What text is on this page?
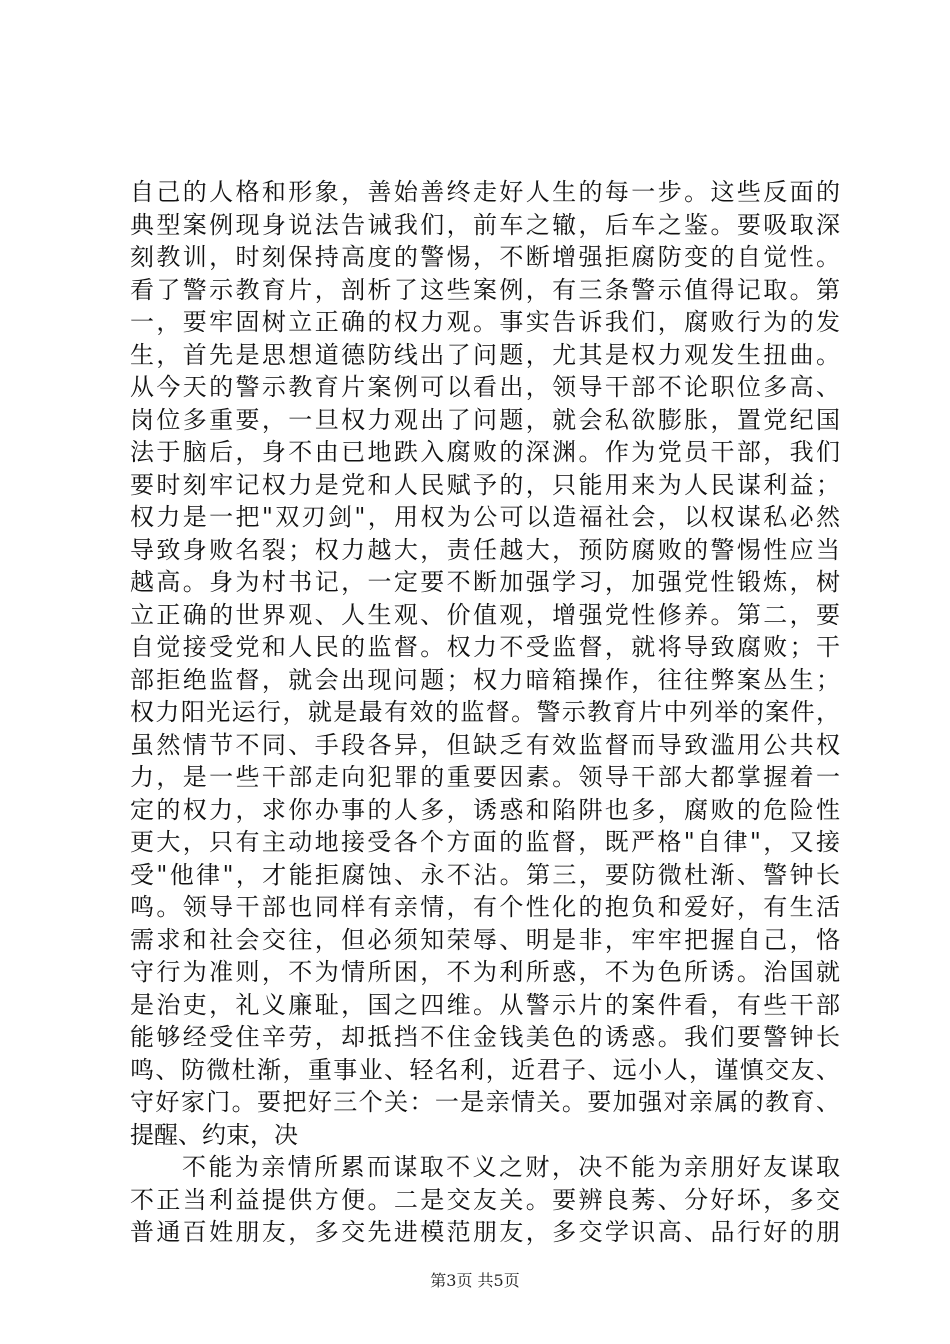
自己的人格和形象，善始善终走好人生的每一步。这些反面的
典型案例现身说法告诫我们，前车之辙，后车之鉴。要吸取深
刻教训，时刻保持高度的警惕，不断增强拒腐防变的自觉性。
看了警示教育片，剖析了这些案例，有三条警示值得记取。第
一，要牢固树立正确的权力观。事实告诉我们，腐败行为的发
生，首先是思想道德防线出了问题，尤其是权力观发生扭曲。
从今天的警示教育片案例可以看出，领导干部不论职位多高、
岗位多重要，一旦权力观出了问题，就会私欲膨胀，置党纪国
法于脑后，身不由已地跌入腐败的深渊。作为党员干部，我们
要时刻牢记权力是党和人民赋予的，只能用来为人民谋利益；
权力是一把"双刃剑"，用权为公可以造福社会，以权谋私必然
导致身败名裂；权力越大，责任越大，预防腐败的警惕性应当
越高。身为村书记，一定要不断加强学习，加强党性锻炼，树
立正确的世界观、人生观、价值观，增强党性修养。第二，要
自觉接受党和人民的监督。权力不受监督，就将导致腐败；干
部拒绝监督，就会出现问题；权力暗箱操作，往往弊案丛生；
权力阳光运行，就是最有效的监督。警示教育片中列举的案件，
虽然情节不同、手段各异，但缺乏有效监督而导致滥用公共权
力，是一些干部走向犯罪的重要因素。领导干部大都掌握着一
定的权力，求你办事的人多，诱惑和陷阱也多，腐败的危险性
更大，只有主动地接受各个方面的监督，既严格"自律"，又接
受"他律"，才能拒腐蚀、永不沾。第三，要防微杜渐、警钟长
鸣。领导干部也同样有亲情，有个性化的抱负和爱好，有生活
需求和社会交往，但必须知荣辱、明是非，牢牢把握自己，恪
守行为准则，不为情所困，不为利所惑，不为色所诱。治国就
是治吏，礼义廉耻，国之四维。从警示片的案件看，有些干部
能够经受住辛劳，却抵挡不住金钱美色的诱惑。我们要警钟长
鸣、防微杜渐，重事业、轻名利，近君子、远小人，谨慎交友、
守好家门。要把好三个关：一是亲情关。要加强对亲属的教育、
提醒、约束，决
不能为亲情所累而谋取不义之财，决不能为亲朋好友谋取
不正当利益提供方便。二是交友关。要辨良莠、分好坏，多交
普通百姓朋友，多交先进模范朋友，多交学识高、品行好的朋
第3页 共5页
